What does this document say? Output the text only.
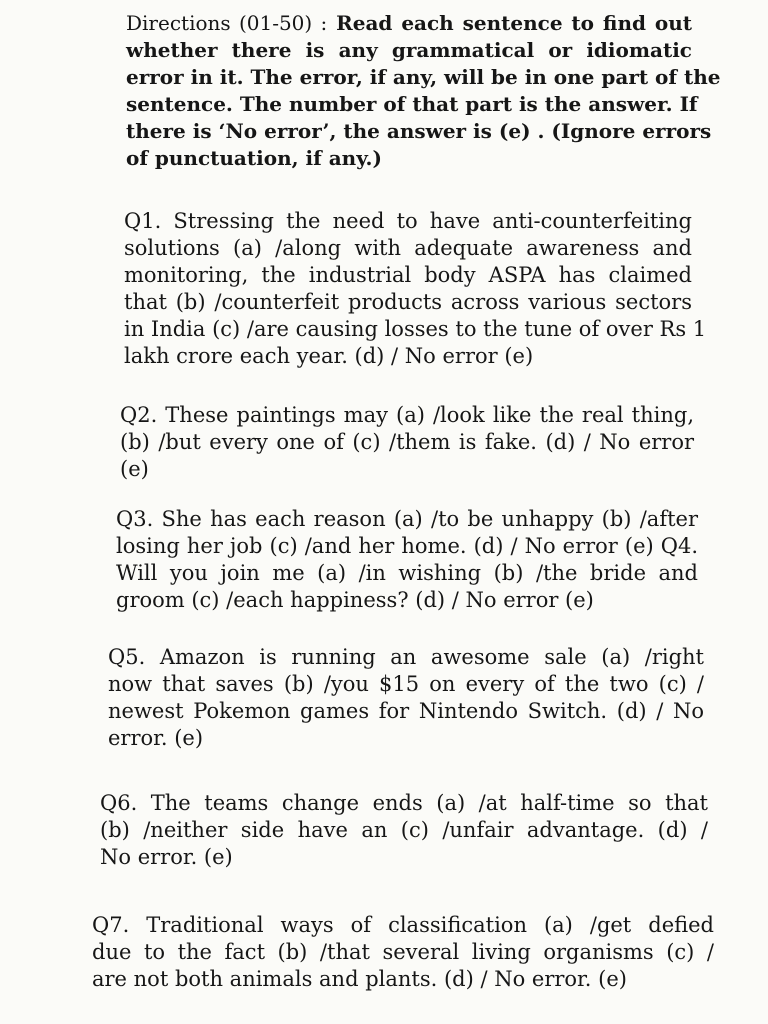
Directions (01-50) : Read each sentence to find out
whether there is any grammatical or idiomatic
error in it. The error, if any, will be in one part of the
sentence. The number of that part is the answer. If
there is ‘No error’, the answer is (e) . (Ignore errors
of punctuation, if any.)
Q1. Stressing the need to have anti-counterfeiting
solutions (a) /along with adequate awareness and
monitoring, the industrial body ASPA has claimed
that (b) /counterfeit products across various sectors
in India (c) /are causing losses to the tune of over Rs 1
lakh crore each year. (d) / No error (e)
Q2. These paintings may (a) /look like the real thing,
(b) /but every one of (c) /them is fake. (d) / No error
(e)
Q3. She has each reason (a) /to be unhappy (b) /after
losing her job (c) /and her home. (d) / No error (e) Q4.
Will you join me (a) /in wishing (b) /the bride and
groom (c) /each happiness? (d) / No error (e)
Q5. Amazon is running an awesome sale (a) /right
now that saves (b) /you $15 on every of the two (c) /
newest Pokemon games for Nintendo Switch. (d) / No
error. (e)
Q6. The teams change ends (a) /at half-time so that
(b) /neither side have an (c) /unfair advantage. (d) /
No error. (e)
Q7. Traditional ways of classification (a) /get defied
due to the fact (b) /that several living organisms (c) /
are not both animals and plants. (d) / No error. (e)
